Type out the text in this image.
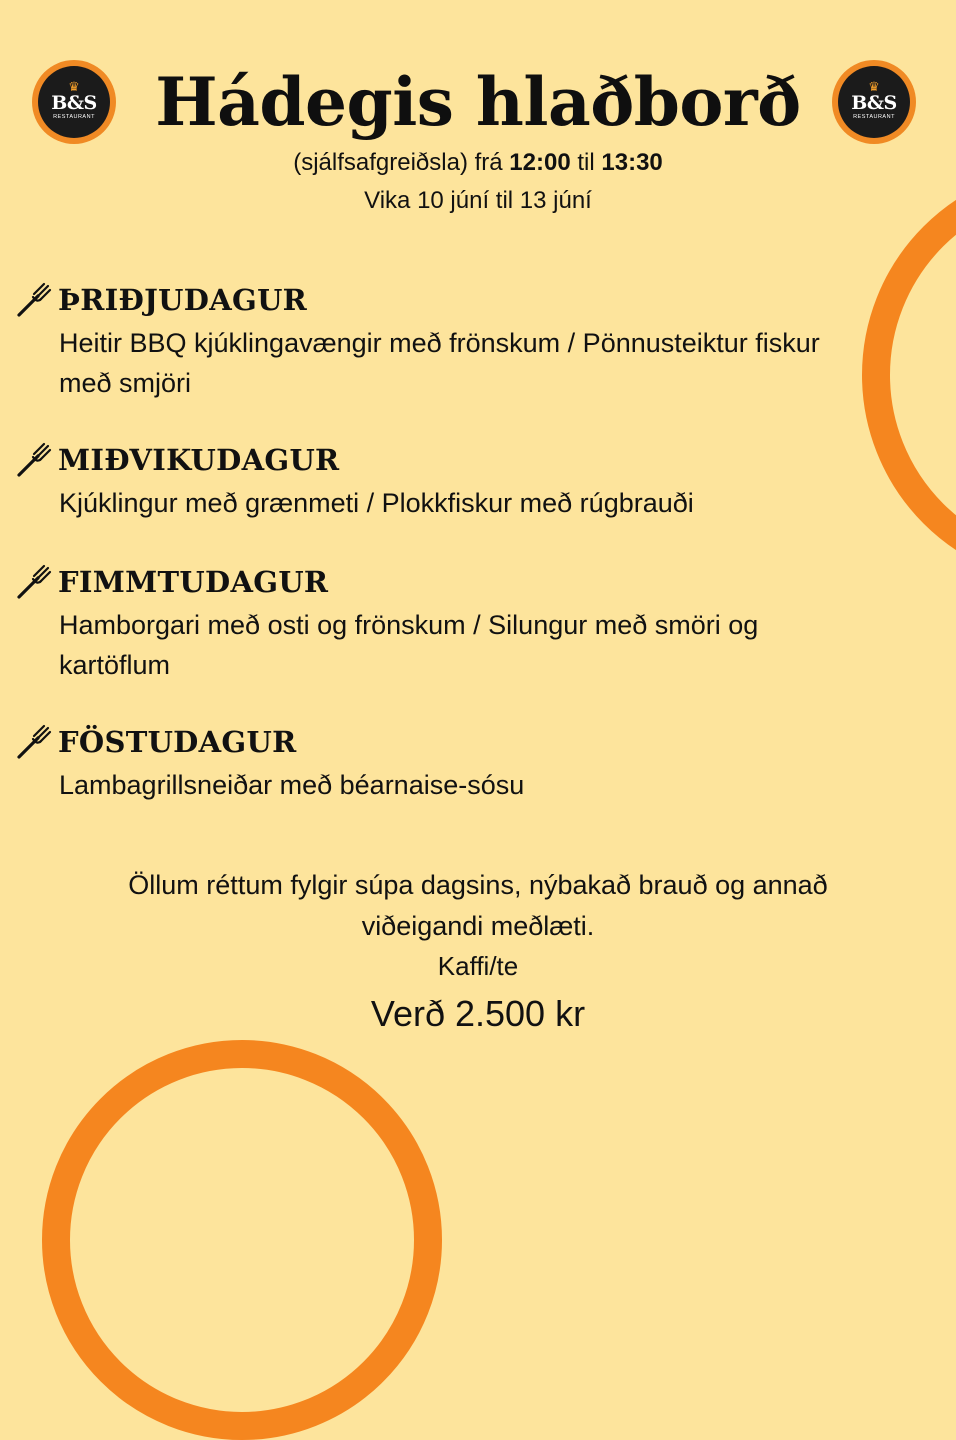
♛
B&S
RESTAURANT
♛
B&S
RESTAURANT
Hádegis hlaðborð
(sjálfsafgreiðsla) frá 12:00 til 13:30
Vika 10 júní til 13 júní
ÞRIÐJUDAGUR
Heitir BBQ kjúklingavængir með frönskum / Pönnusteiktur fiskur með smjöri
MIÐVIKUDAGUR
Kjúklingur með grænmeti / Plokkfiskur með rúgbrauði
FIMMTUDAGUR
Hamborgari með osti og frönskum / Silungur með smöri og kartöflum
FÖSTUDAGUR
Lambagrillsneiðar með béarnaise-sósu
Öllum réttum fylgir súpa dagsins, nýbakað brauð og annað
viðeigandi meðlæti.
Kaffi/te
Verð 2.500 kr
